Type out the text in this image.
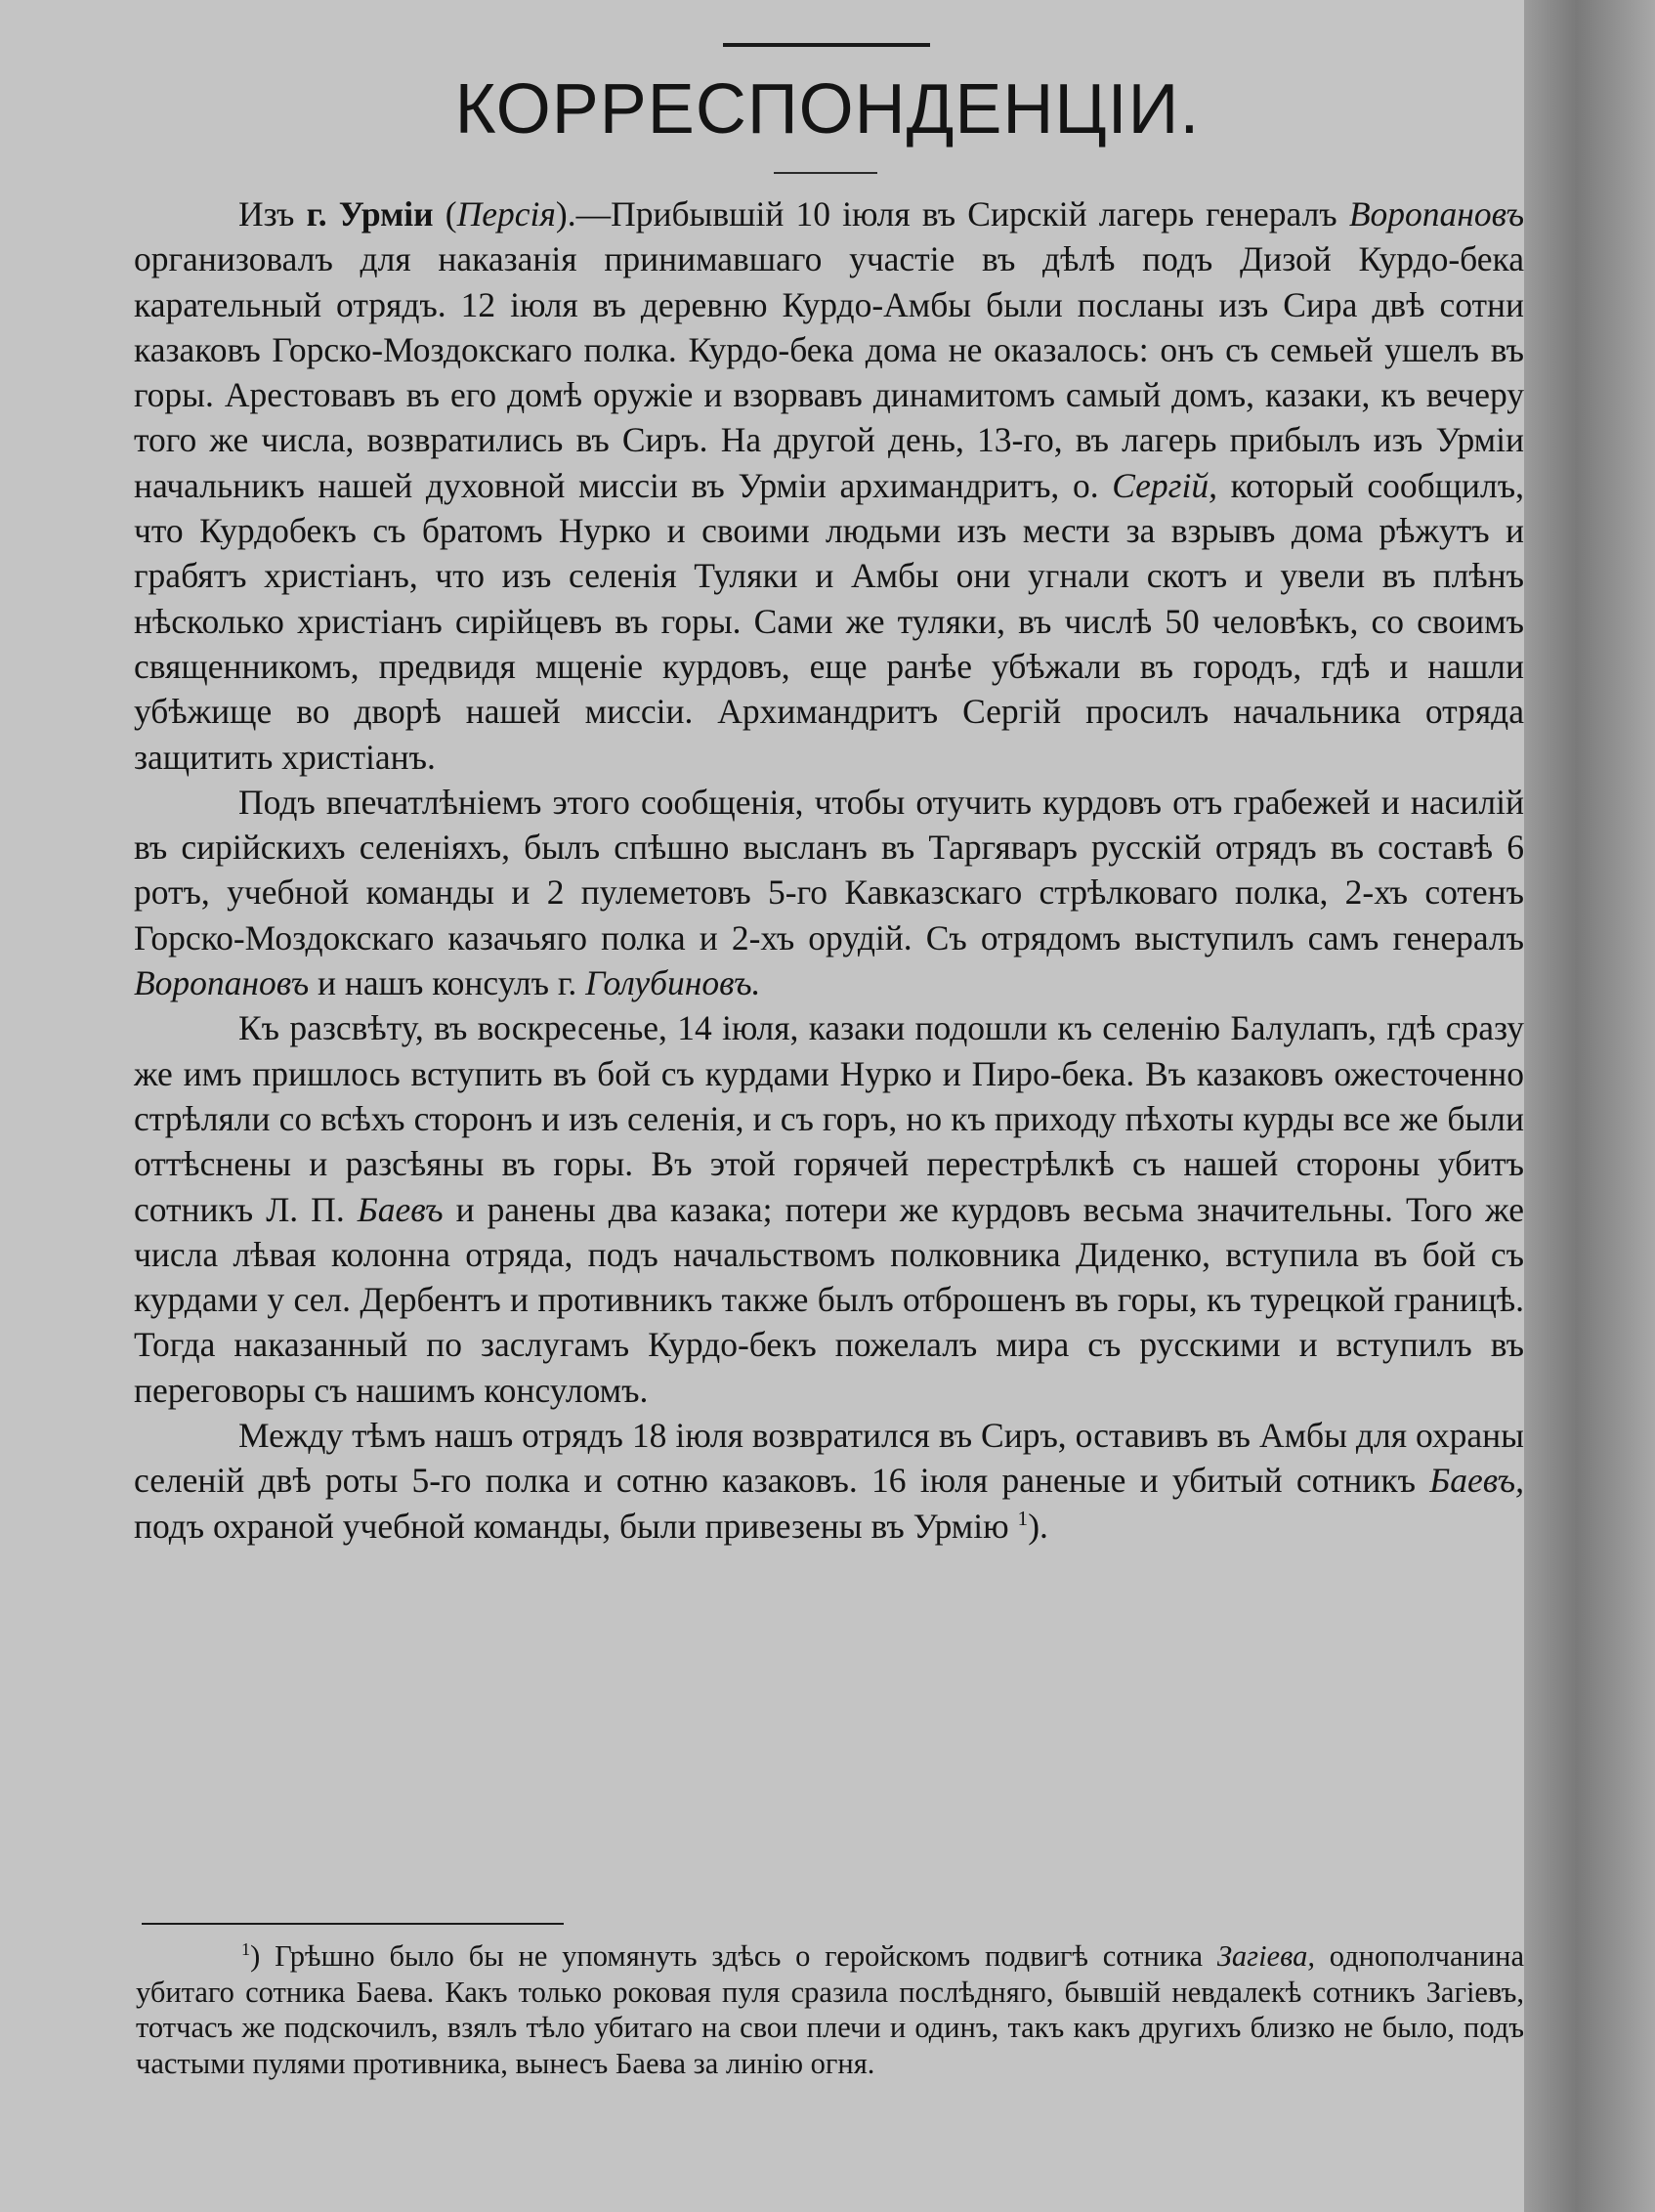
КОРРЕСПОНДЕНЦІИ.

Изъ г. Урміи (Персія).—Прибывшій 10 іюля въ Сирскій лагерь генералъ Воропановъ организовалъ для наказанія принимавшаго участіе въ дѣлѣ подъ Дизой Курдо-бека карательный отрядъ. 12 іюля въ деревню Курдо-Амбы были посланы изъ Сира двѣ сотни казаковъ Горско-Моздокскаго полка. Курдо-бека дома не оказалось: онъ съ семьей ушелъ въ горы. Арестовавъ въ его домѣ оружіе и взорвавъ динамитомъ самый домъ, казаки, къ вечеру того же числа, возвратились въ Сиръ. На другой день, 13-го, въ лагерь прибылъ изъ Урміи начальникъ нашей духовной миссіи въ Урміи архимандритъ, о. Сергій, который сообщилъ, что Курдобекъ съ братомъ Нурко и своими людьми изъ мести за взрывъ дома рѣжутъ и грабятъ христіанъ, что изъ селенія Туляки и Амбы они угнали скотъ и увели въ плѣнъ нѣсколько христіанъ сирійцевъ въ горы. Сами же туляки, въ числѣ 50 человѣкъ, со своимъ священникомъ, предвидя мщеніе курдовъ, еще ранѣе убѣжали въ городъ, гдѣ и нашли убѣжище во дворѣ нашей миссіи. Архимандритъ Сергій просилъ начальника отряда защитить христіанъ.

Подъ впечатлѣніемъ этого сообщенія, чтобы отучить курдовъ отъ грабежей и насилій въ сирійскихъ селеніяхъ, былъ спѣшно высланъ въ Таргяваръ русскій отрядъ въ составѣ 6 ротъ, учебной команды и 2 пулеметовъ 5-го Кавказскаго стрѣлковаго полка, 2-хъ сотенъ Горско-Моздокскаго казачьяго полка и 2-хъ орудій. Съ отрядомъ выступилъ самъ генералъ Воропановъ и нашъ консулъ г. Голубиновъ.

Къ разсвѣту, въ воскресенье, 14 іюля, казаки подошли къ селенію Балулапъ, гдѣ сразу же имъ пришлось вступить въ бой съ курдами Нурко и Пиро-бека. Въ казаковъ ожесточенно стрѣляли со всѣхъ сторонъ и изъ селенія, и съ горъ, но къ приходу пѣхоты курды все же были оттѣснены и разсѣяны въ горы. Въ этой горячей перестрѣлкѣ съ нашей стороны убитъ сотникъ Л. П. Баевъ и ранены два казака; потери же курдовъ весьма значительны. Того же числа лѣвая колонна отряда, подъ начальствомъ полковника Диденко, вступила въ бой съ курдами у сел. Дербентъ и противникъ также былъ отброшенъ въ горы, къ турецкой границѣ. Тогда наказанный по заслугамъ Курдо-бекъ пожелалъ мира съ русскими и вступилъ въ переговоры съ нашимъ консуломъ.

Между тѣмъ нашъ отрядъ 18 іюля возвратился въ Сиръ, оставивъ въ Амбы для охраны селеній двѣ роты 5-го полка и сотню казаковъ. 16 іюля раненые и убитый сотникъ Баевъ, подъ охраной учебной команды, были привезены въ Урмію $^1$).

$^1$) Грѣшно было бы не упомянуть здѣсь о геройскомъ подвигѣ сотника Загіева, однополчанина убитаго сотника Баева. Какъ только роковая пуля сразила послѣдняго, бывшій невдалекѣ сотникъ Загіевъ, тотчасъ же подскочилъ, взялъ тѣло убитаго на свои плечи и одинъ, такъ какъ другихъ близко не было, подъ частыми пулями противника, вынесъ Баева за линію огня.
